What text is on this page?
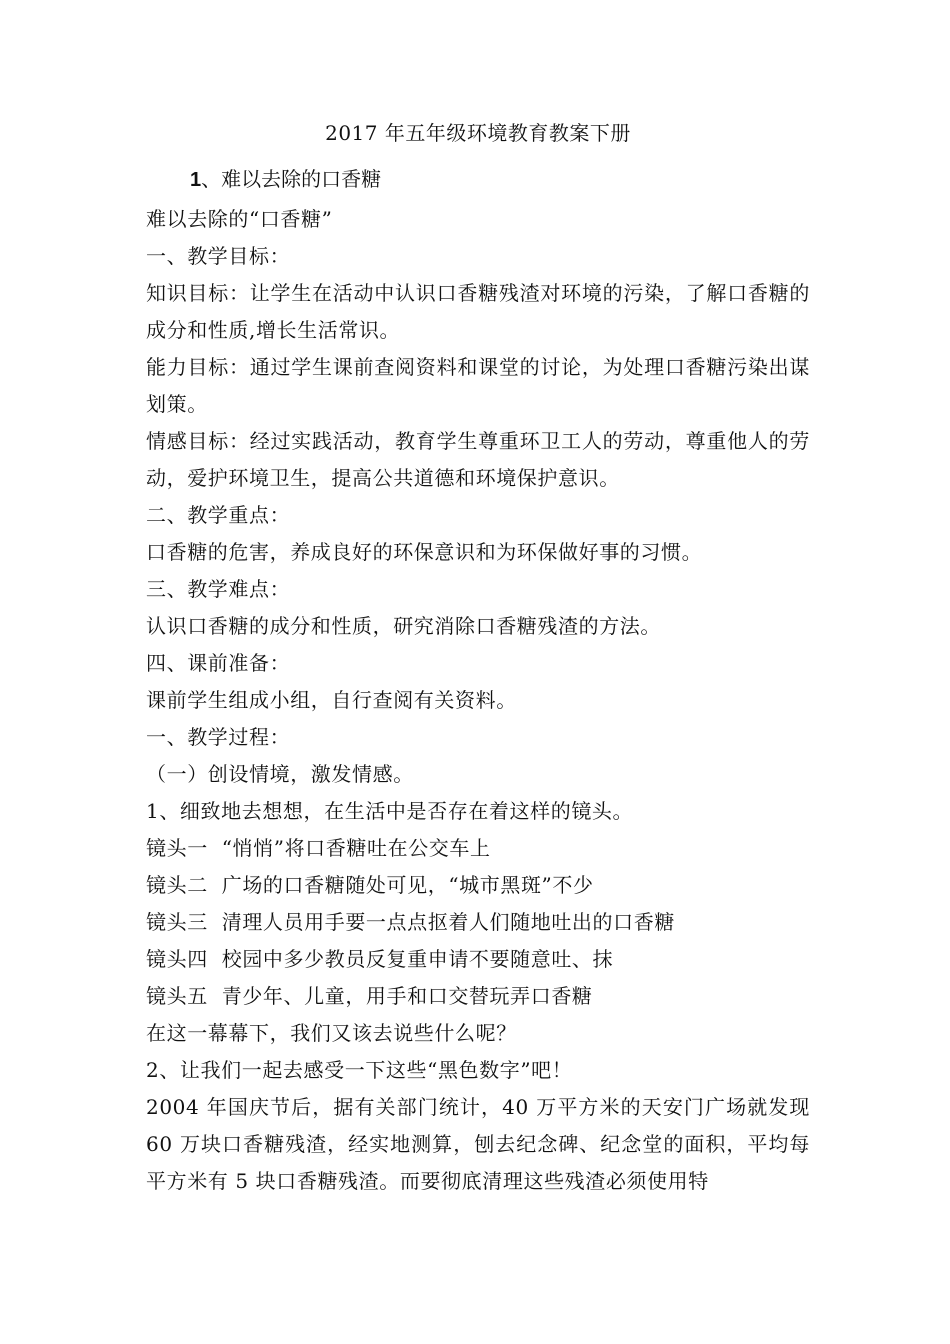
2017 年五年级环境教育教案下册
1、难以去除的口香糖

难以去除的“口香糖”

一、教学目标：

知识目标：让学生在活动中认识口香糖残渣对环境的污染，了解口香糖的成分和性质,增长生活常识。

能力目标：通过学生课前查阅资料和课堂的讨论，为处理口香糖污染出谋划策。

情感目标：经过实践活动，教育学生尊重环卫工人的劳动，尊重他人的劳动，爱护环境卫生，提高公共道德和环境保护意识。

二、教学重点：

口香糖的危害，养成良好的环保意识和为环保做好事的习惯。

三、教学难点：

认识口香糖的成分和性质，研究消除口香糖残渣的方法。

四、课前准备：

课前学生组成小组，自行查阅有关资料。

一、教学过程：

（一）创设情境，激发情感。

1、细致地去想想，在生活中是否存在着这样的镜头。

镜头一  “悄悄”将口香糖吐在公交车上

镜头二  广场的口香糖随处可见，“城市黑斑”不少

镜头三  清理人员用手要一点点抠着人们随地吐出的口香糖

镜头四  校园中多少教员反复重申请不要随意吐、抹

镜头五  青少年、儿童，用手和口交替玩弄口香糖

在这一幕幕下，我们又该去说些什么呢？

2、让我们一起去感受一下这些“黑色数字”吧！

2004 年国庆节后，据有关部门统计，40 万平方米的天安门广场就发现 60 万块口香糖残渣，经实地测算，刨去纪念碑、纪念堂的面积，平均每平方米有 5 块口香糖残渣。而要彻底清理这些残渣必须使用特
